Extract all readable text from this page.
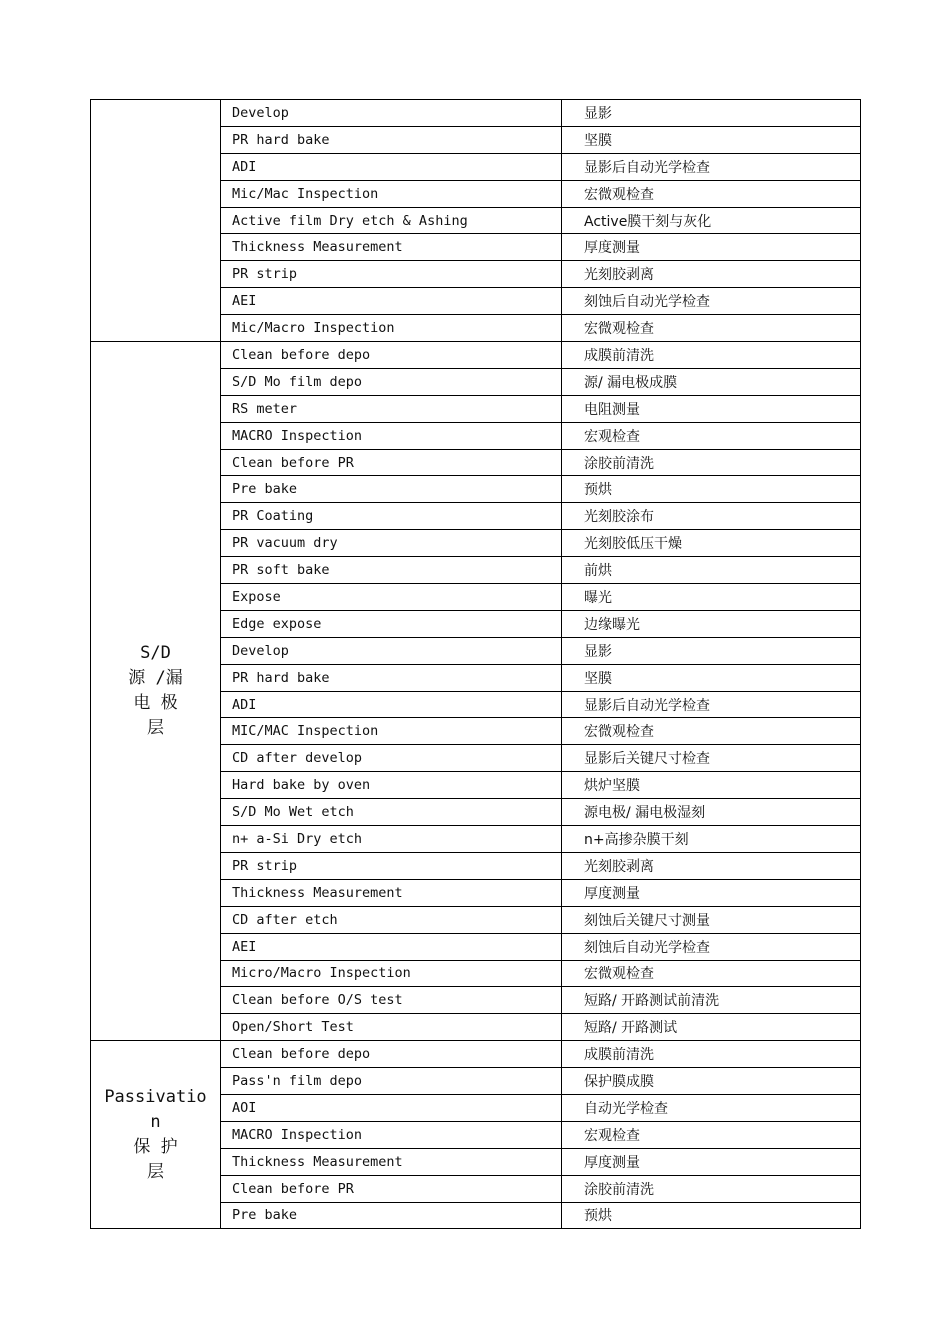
	Develop	显影
	PR hard bake	坚膜
	ADI	显影后自动光学检查
	Mic/Mac Inspection	宏微观检查
	Active film Dry etch & Ashing	Active膜干刻与灰化
	Thickness Measurement	厚度测量
	PR strip	光刻胶剥离
	AEI	刻蚀后自动光学检查
	Mic/Macro Inspection	宏微观检查

S/D
源 /漏
电 极
层	Clean before depo	成膜前清洗
	S/D Mo film depo	源/ 漏电极成膜
	RS meter	电阻测量
	MACRO Inspection	宏观检查
	Clean before PR	涂胶前清洗
	Pre bake	预烘
	PR Coating	光刻胶涂布
	PR vacuum dry	光刻胶低压干燥
	PR soft bake	前烘
	Expose	曝光
	Edge expose	边缘曝光
	Develop	显影
	PR hard bake	坚膜
	ADI	显影后自动光学检查
	MIC/MAC Inspection	宏微观检查
	CD after develop	显影后关键尺寸检查
	Hard bake by oven	烘炉坚膜
	S/D Mo Wet etch	源电极/ 漏电极湿刻
	n+ a-Si Dry etch	n+高掺杂膜干刻
	PR strip	光刻胶剥离
	Thickness Measurement	厚度测量
	CD after etch	刻蚀后关键尺寸测量
	AEI	刻蚀后自动光学检查
	Micro/Macro Inspection	宏微观检查
	Clean before O/S test	短路/ 开路测试前清洗
	Open/Short Test	短路/ 开路测试

Passivatio
n
保 护
层	Clean before depo	成膜前清洗
	Pass'n film depo	保护膜成膜
	AOI	自动光学检查
	MACRO Inspection	宏观检查
	Thickness Measurement	厚度测量
	Clean before PR	涂胶前清洗
	Pre bake	预烘
